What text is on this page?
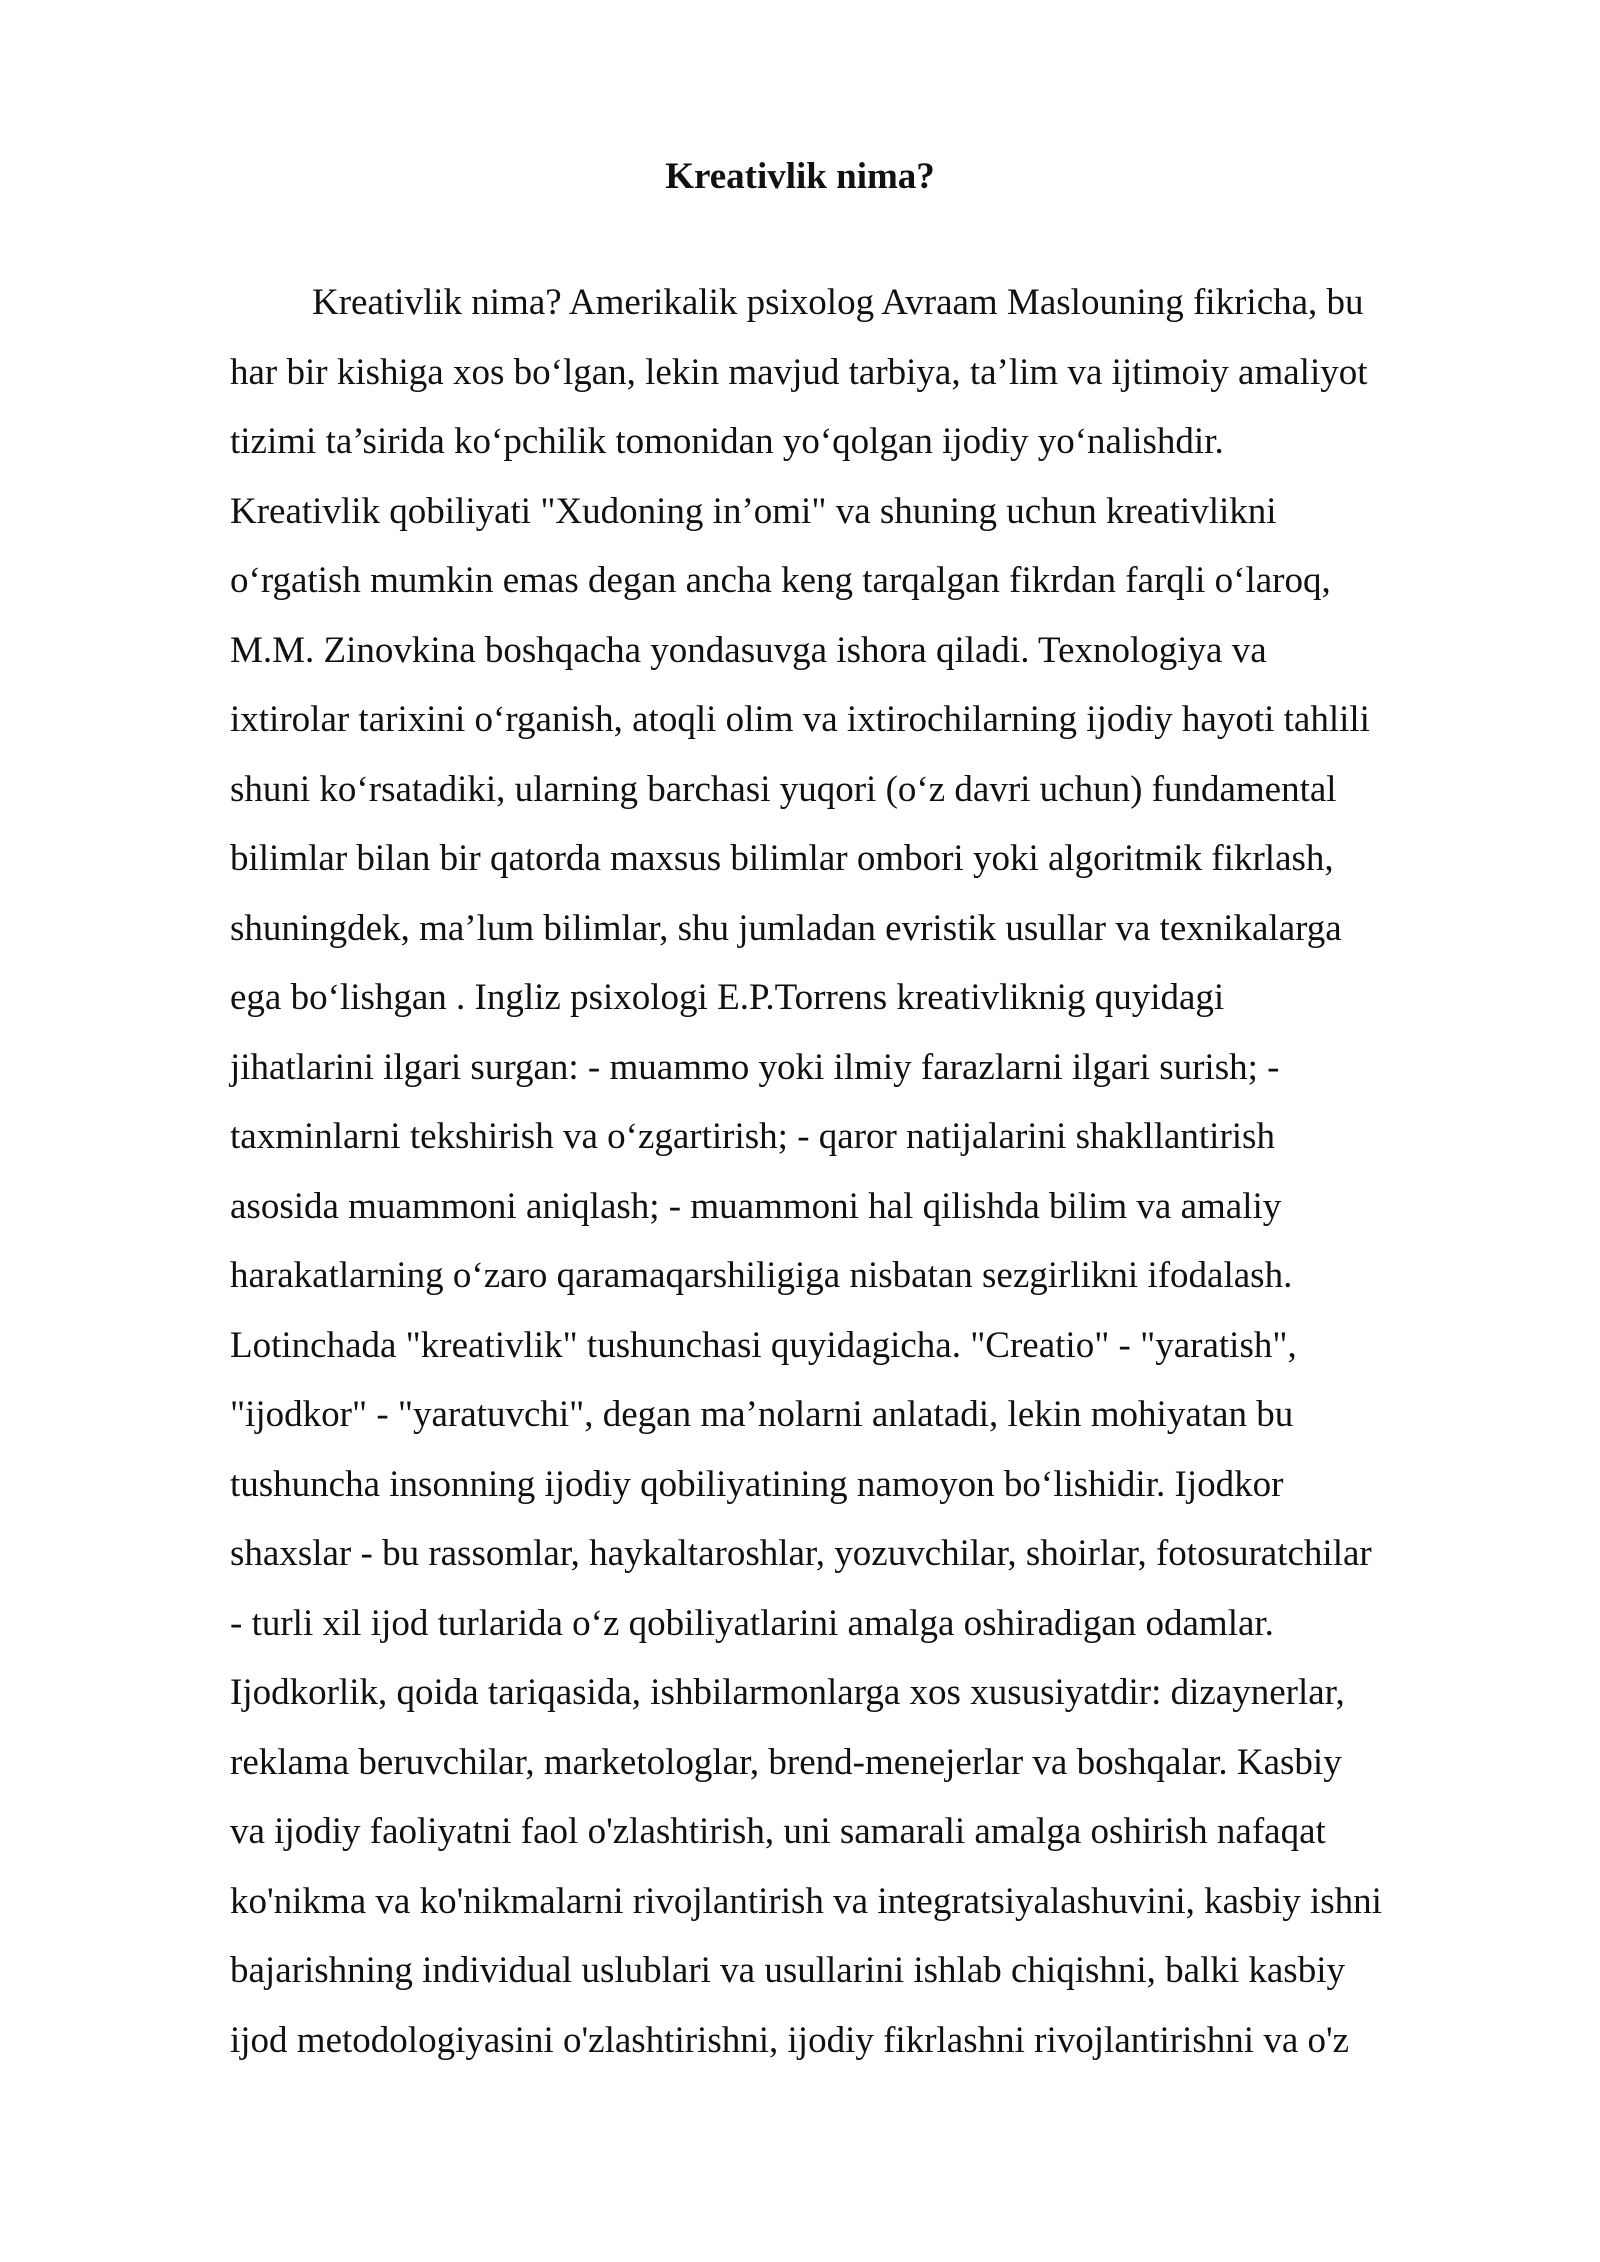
Kreativlik nima?
Kreativlik nima? Amerikalik psixolog Avraam Maslouning fikricha, bu
har bir kishiga xos bo‘lgan, lekin mavjud tarbiya, ta’lim va ijtimoiy amaliyot
tizimi ta’sirida ko‘pchilik tomonidan yo‘qolgan ijodiy yo‘nalishdir.
Kreativlik qobiliyati "Xudoning in’omi" va shuning uchun kreativlikni
o‘rgatish mumkin emas degan ancha keng tarqalgan fikrdan farqli o‘laroq,
M.M. Zinovkina boshqacha yondasuvga ishora qiladi. Texnologiya va
ixtirolar tarixini o‘rganish, atoqli olim va ixtirochilarning ijodiy hayoti tahlili
shuni ko‘rsatadiki, ularning barchasi yuqori (o‘z davri uchun) fundamental
bilimlar bilan bir qatorda maxsus bilimlar ombori yoki algoritmik fikrlash,
shuningdek, ma’lum bilimlar, shu jumladan evristik usullar va texnikalarga
ega bo‘lishgan . Ingliz psixologi E.P.Torrens kreativliknig quyidagi
jihatlarini ilgari surgan: - muammo yoki ilmiy farazlarni ilgari surish; -
taxminlarni tekshirish va o‘zgartirish; - qaror natijalarini shakllantirish
asosida muammoni aniqlash; - muammoni hal qilishda bilim va amaliy
harakatlarning o‘zaro qaramaqarshiligiga nisbatan sezgirlikni ifodalash.
Lotinchada "kreativlik" tushunchasi quyidagicha. "Creatio" - "yaratish",
"ijodkor" - "yaratuvchi", degan ma’nolarni anlatadi, lekin mohiyatan bu
tushuncha insonning ijodiy qobiliyatining namoyon bo‘lishidir. Ijodkor
shaxslar - bu rassomlar, haykaltaroshlar, yozuvchilar, shoirlar, fotosuratchilar
- turli xil ijod turlarida o‘z qobiliyatlarini amalga oshiradigan odamlar.
Ijodkorlik, qoida tariqasida, ishbilarmonlarga xos xususiyatdir: dizaynerlar,
reklama beruvchilar, marketologlar, brend-menejerlar va boshqalar. Kasbiy
va ijodiy faoliyatni faol o'zlashtirish, uni samarali amalga oshirish nafaqat
ko'nikma va ko'nikmalarni rivojlantirish va integratsiyalashuvini, kasbiy ishni
bajarishning individual uslublari va usullarini ishlab chiqishni, balki kasbiy
ijod metodologiyasini o'zlashtirishni, ijodiy fikrlashni rivojlantirishni va o'z
